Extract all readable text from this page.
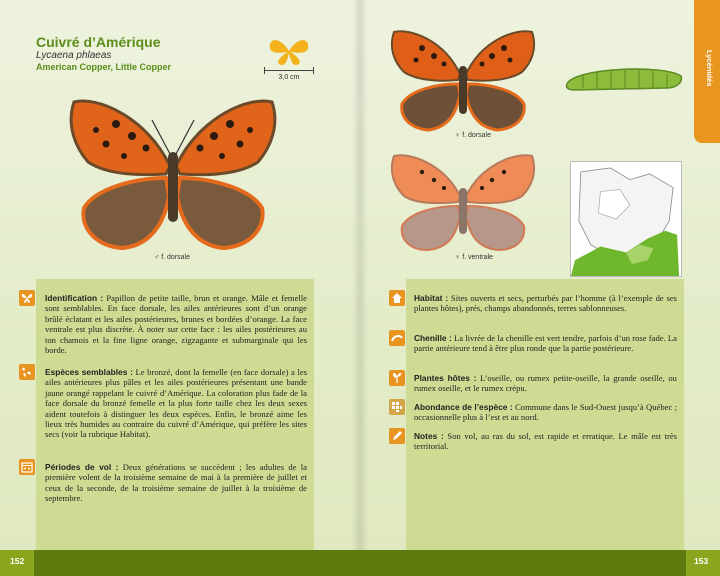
Cuivré d’Amérique
Lycaena phlaeas
American Copper, Little Copper
3,0 cm
♂ f. dorsale
♀ f. dorsale
♀ f. ventrale
Lycénidés
Identification : Papillon de petite taille, brun et orange. Mâle et femelle sont semblables. En face dorsale, les ailes antérieures sont d’un orange brûlé éclatant et les ailes postérieures, brunes et bordées d’orange. La face ventrale est plus discrète. À noter sur cette face : les ailes postérieures au ton chamois et la fine ligne orange, zigzagante et submarginale qui les borde.
Espèces semblables : Le bronzé, dont la femelle (en face dorsale) a les ailes antérieures plus pâles et les ailes postérieures présentant une bande jaune orangé rappelant le cuivré d’Amérique. La coloration plus fade de la face dorsale du bronzé femelle et la plus forte taille chez les deux sexes aident toutefois à distinguer les deux espèces. Enfin, le bronzé aime les lieux très humides au contraire du cuivré d’Amérique, qui préfère les sites secs (voir la rubrique Habitat).
Périodes de vol : Deux générations se succèdent ; les adultes de la première volent de la troisième semaine de mai à la première de juillet et ceux de la seconde, de la troisième semaine de juillet à la troisième de septembre.
Habitat : Sites ouverts et secs, perturbés par l’homme (à l’exemple de ses plantes hôtes), prés, champs abandonnés, terres sablonneuses.
Chenille : La livrée de la chenille est vert tendre, parfois d’un rose fade. La partie antérieure tend à être plus ronde que la partie postérieure.
Plantes hôtes : L’oseille, ou rumex petite-oseille, la grande oseille, ou rumex oseille, et le rumex crépu.
Abondance de l’espèce : Commune dans le Sud-Ouest jusqu’à Québec ; occasionnelle plus à l’est et au nord.
Notes : Son vol, au ras du sol, est rapide et erratique. Le mâle est très territorial.
152	153
